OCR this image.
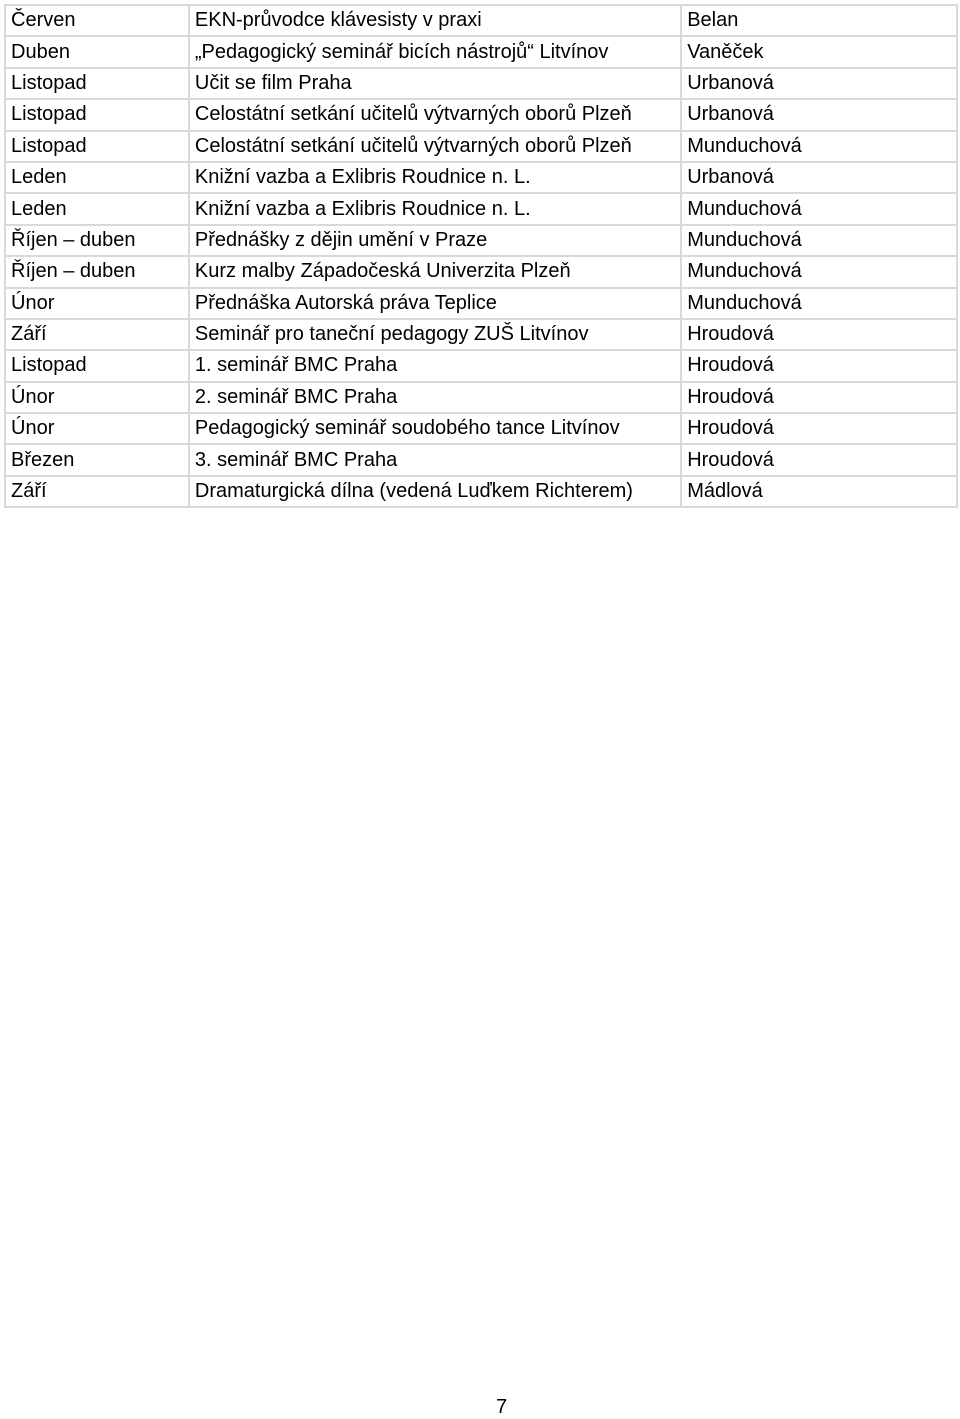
Červen	EKN-průvodce klávesisty v praxi	Belan
Duben	„Pedagogický seminář bicích nástrojů“ Litvínov	Vaněček
Listopad	Učit se film Praha	Urbanová
Listopad	Celostátní setkání učitelů výtvarných oborů Plzeň	Urbanová
Listopad	Celostátní setkání učitelů výtvarných oborů Plzeň	Munduchová
Leden	Knižní vazba a Exlibris Roudnice n. L.	Urbanová
Leden	Knižní vazba a Exlibris Roudnice n. L.	Munduchová
Říjen – duben	Přednášky z dějin umění v Praze	Munduchová
Říjen – duben	Kurz malby Západočeská Univerzita Plzeň	Munduchová
Únor	Přednáška Autorská práva Teplice	Munduchová
Září	Seminář pro taneční pedagogy ZUŠ Litvínov	Hroudová
Listopad	1. seminář BMC Praha	Hroudová
Únor	2. seminář BMC Praha	Hroudová
Únor	Pedagogický seminář soudobého tance Litvínov	Hroudová
Březen	3. seminář BMC Praha	Hroudová
Září	Dramaturgická dílna (vedená Luďkem Richterem)	Mádlová
7
